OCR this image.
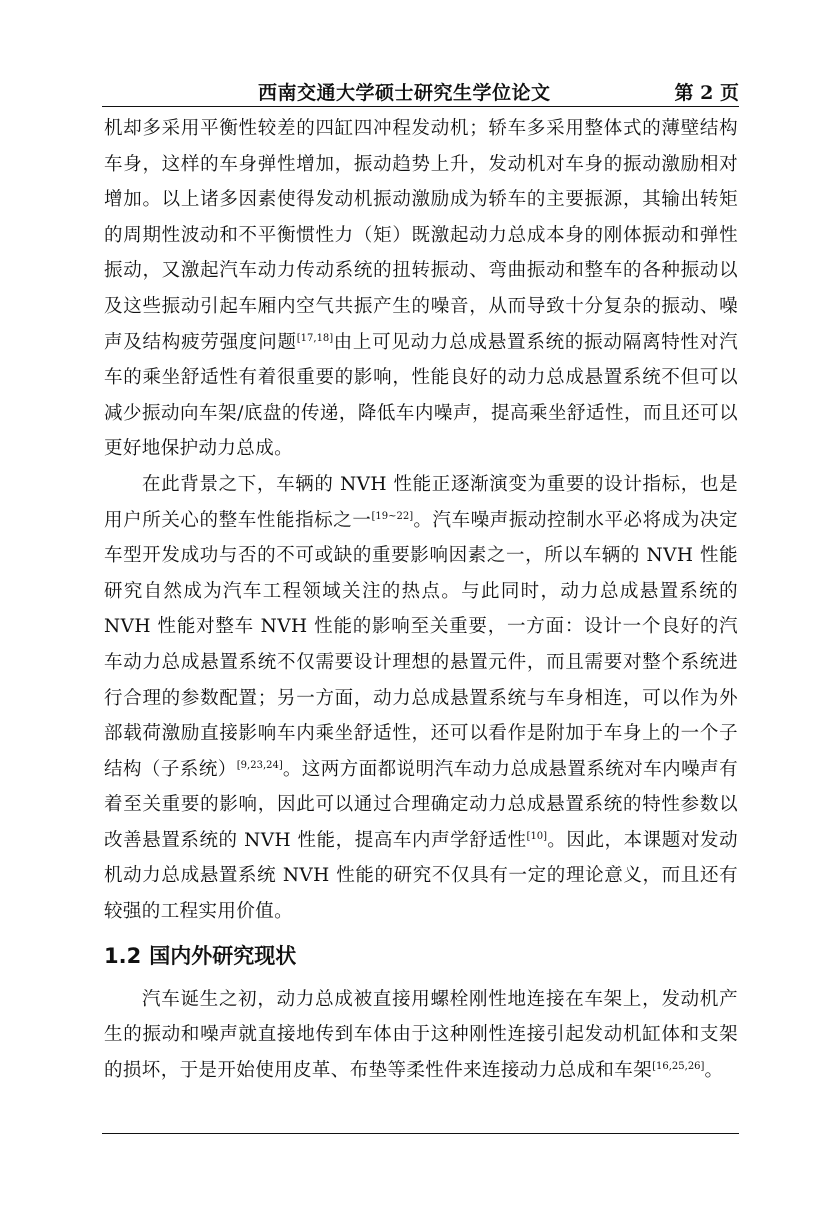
西南交通大学硕士研究生学位论文	第 2 页

机却多采用平衡性较差的四缸四冲程发动机；轿车多采用整体式的薄壁结构车身，这样的车身弹性增加，振动趋势上升，发动机对车身的振动激励相对增加。以上诸多因素使得发动机振动激励成为轿车的主要振源，其输出转矩的周期性波动和不平衡惯性力（矩）既激起动力总成本身的刚体振动和弹性振动，又激起汽车动力传动系统的扭转振动、弯曲振动和整车的各种振动以及这些振动引起车厢内空气共振产生的噪音，从而导致十分复杂的振动、噪声及结构疲劳强度问题[17,18]由上可见动力总成悬置系统的振动隔离特性对汽车的乘坐舒适性有着很重要的影响，性能良好的动力总成悬置系统不但可以减少振动向车架/底盘的传递，降低车内噪声，提高乘坐舒适性，而且还可以更好地保护动力总成。

在此背景之下，车辆的 NVH 性能正逐渐演变为重要的设计指标，也是用户所关心的整车性能指标之一[19~22]。汽车噪声振动控制水平必将成为决定车型开发成功与否的不可或缺的重要影响因素之一，所以车辆的 NVH 性能研究自然成为汽车工程领域关注的热点。与此同时，动力总成悬置系统的 NVH 性能对整车 NVH 性能的影响至关重要，一方面：设计一个良好的汽车动力总成悬置系统不仅需要设计理想的悬置元件，而且需要对整个系统进行合理的参数配置；另一方面，动力总成悬置系统与车身相连，可以作为外部载荷激励直接影响车内乘坐舒适性，还可以看作是附加于车身上的一个子结构（子系统）[9,23,24]。这两方面都说明汽车动力总成悬置系统对车内噪声有着至关重要的影响，因此可以通过合理确定动力总成悬置系统的特性参数以改善悬置系统的 NVH 性能，提高车内声学舒适性[10]。因此，本课题对发动机动力总成悬置系统 NVH 性能的研究不仅具有一定的理论意义，而且还有较强的工程实用价值。

1.2 国内外研究现状

汽车诞生之初，动力总成被直接用螺栓刚性地连接在车架上，发动机产生的振动和噪声就直接地传到车体由于这种刚性连接引起发动机缸体和支架的损坏，于是开始使用皮革、布垫等柔性件来连接动力总成和车架[16,25,26]。
